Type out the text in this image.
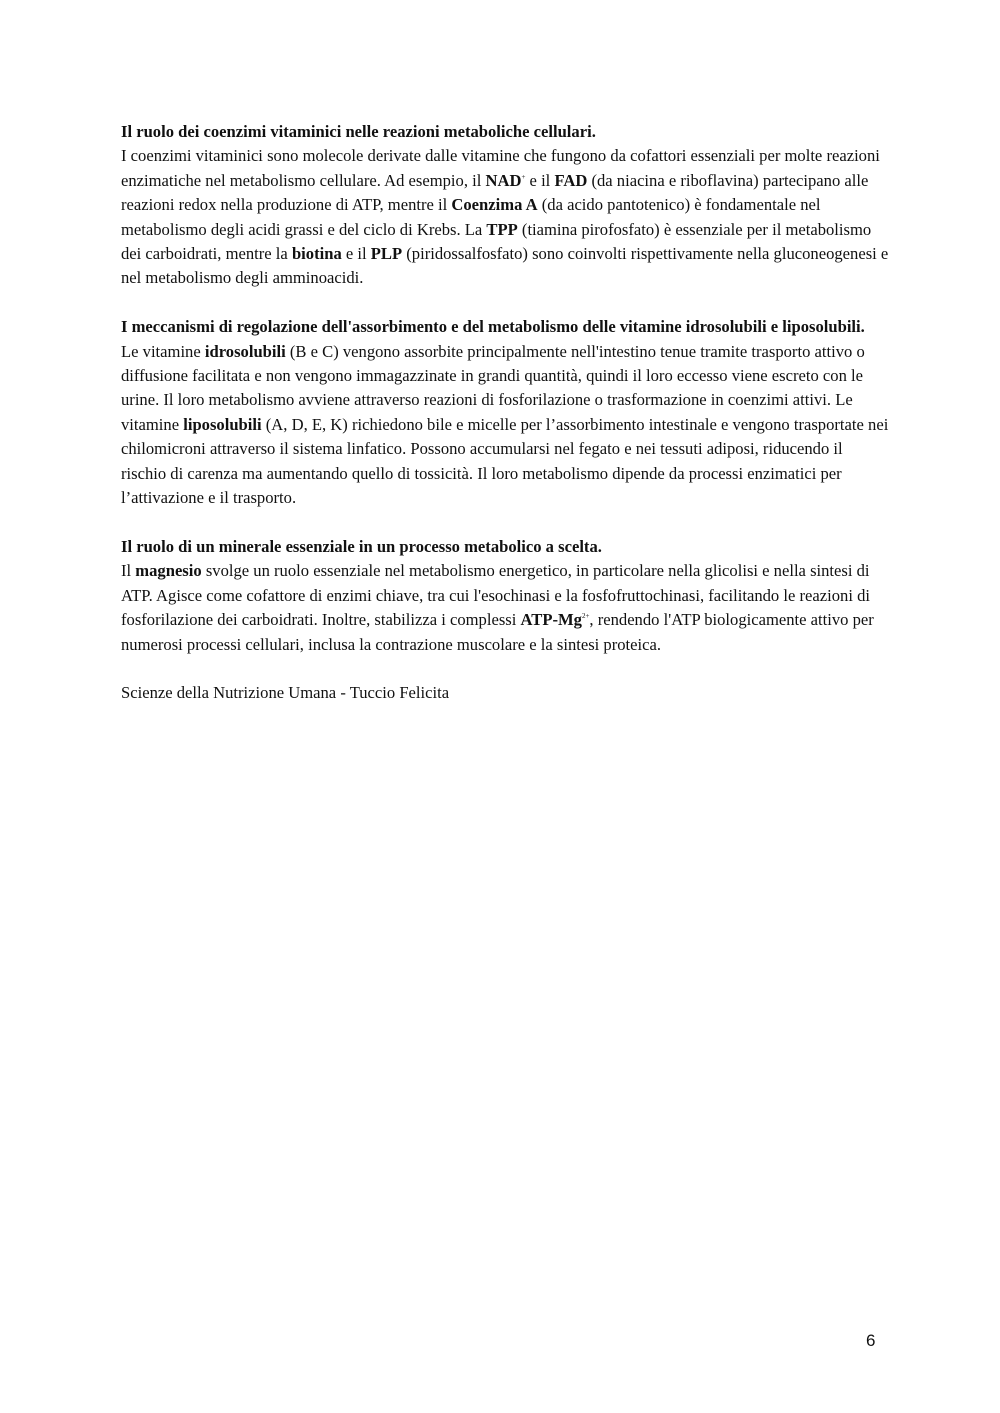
Il ruolo dei coenzimi vitaminici nelle reazioni metaboliche cellulari.

I coenzimi vitaminici sono molecole derivate dalle vitamine che fungono da cofattori essenziali per molte reazioni enzimatiche nel metabolismo cellulare. Ad esempio, il NAD+ e il FAD (da niacina e riboflavina) partecipano alle reazioni redox nella produzione di ATP, mentre il Coenzima A (da acido pantotenico) è fondamentale nel metabolismo degli acidi grassi e del ciclo di Krebs. La TPP (tiamina pirofosfato) è essenziale per il metabolismo dei carboidrati, mentre la biotina e il PLP (piridossalfosfato) sono coinvolti rispettivamente nella gluconeogenesi e nel metabolismo degli amminoacidi.

I meccanismi di regolazione dell'assorbimento e del metabolismo delle vitamine idrosolubili e liposolubili.

Le vitamine idrosolubili (B e C) vengono assorbite principalmente nell'intestino tenue tramite trasporto attivo o diffusione facilitata e non vengono immagazzinate in grandi quantità, quindi il loro eccesso viene escreto con le urine. Il loro metabolismo avviene attraverso reazioni di fosforilazione o trasformazione in coenzimi attivi. Le vitamine liposolubili (A, D, E, K) richiedono bile e micelle per l’assorbimento intestinale e vengono trasportate nei chilomicroni attraverso il sistema linfatico. Possono accumularsi nel fegato e nei tessuti adiposi, riducendo il rischio di carenza ma aumentando quello di tossicità. Il loro metabolismo dipende da processi enzimatici per l’attivazione e il trasporto.

Il ruolo di un minerale essenziale in un processo metabolico a scelta.

Il magnesio svolge un ruolo essenziale nel metabolismo energetico, in particolare nella glicolisi e nella sintesi di ATP. Agisce come cofattore di enzimi chiave, tra cui l'esochinasi e la fosfofruttochinasi, facilitando le reazioni di fosforilazione dei carboidrati. Inoltre, stabilizza i complessi ATP-$Mg^{2+}$, rendendo l'ATP biologicamente attivo per numerosi processi cellulari, inclusa la contrazione muscolare e la sintesi proteica.

Scienze della Nutrizione Umana - Tuccio Felicita

6
